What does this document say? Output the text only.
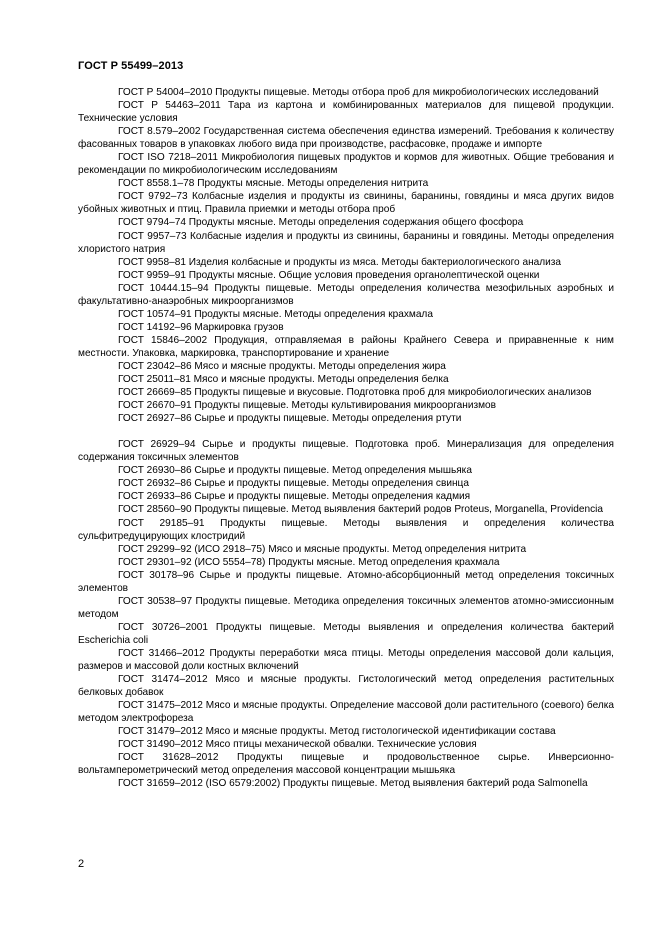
ГОСТ Р 55499–2013

ГОСТ Р 54004–2010 Продукты пищевые. Методы отбора проб для микробиологических исследований

ГОСТ Р 54463–2011 Тара из картона и комбинированных материалов для пищевой продукции. Технические условия

ГОСТ 8.579–2002 Государственная система обеспечения единства измерений. Требования к количеству фасованных товаров в упаковках любого вида при производстве, расфасовке, продаже и импорте

ГОСТ ISO 7218–2011 Микробиология пищевых продуктов и кормов для животных. Общие требования и рекомендации по микробиологическим исследованиям

ГОСТ 8558.1–78 Продукты мясные. Методы определения нитрита

ГОСТ 9792–73 Колбасные изделия и продукты из свинины, баранины, говядины и мяса других видов убойных животных и птиц. Правила приемки и методы отбора проб

ГОСТ 9794–74 Продукты мясные. Методы определения содержания общего фосфора

ГОСТ 9957–73 Колбасные изделия и продукты из свинины, баранины и говядины. Методы определения хлористого натрия

ГОСТ 9958–81 Изделия колбасные и продукты из мяса. Методы бактериологического анализа

ГОСТ 9959–91 Продукты мясные. Общие условия проведения органолептической оценки

ГОСТ 10444.15–94 Продукты пищевые. Методы определения количества мезофильных аэробных и факультативно-анаэробных микроорганизмов

ГОСТ 10574–91 Продукты мясные. Методы определения крахмала

ГОСТ 14192–96 Маркировка грузов

ГОСТ 15846–2002 Продукция, отправляемая в районы Крайнего Севера и приравненные к ним местности. Упаковка, маркировка, транспортирование и хранение

ГОСТ 23042–86 Мясо и мясные продукты. Методы определения жира

ГОСТ 25011–81 Мясо и мясные продукты. Методы определения белка

ГОСТ 26669–85 Продукты пищевые и вкусовые. Подготовка проб для микробиологических анализов

ГОСТ 26670–91 Продукты пищевые. Методы культивирования микроорганизмов

ГОСТ 26927–86 Сырье и продукты пищевые. Методы определения ртути

ГОСТ 26929–94 Сырье и продукты пищевые. Подготовка проб. Минерализация для определения содержания токсичных элементов

ГОСТ 26930–86 Сырье и продукты пищевые. Метод определения мышьяка

ГОСТ 26932–86 Сырье и продукты пищевые. Методы определения свинца

ГОСТ 26933–86 Сырье и продукты пищевые. Методы определения кадмия

ГОСТ 28560–90 Продукты пищевые. Метод выявления бактерий родов Proteus, Morganella, Providencia

ГОСТ 29185–91 Продукты пищевые. Методы выявления и определения количества сульфитредуцирующих клостридий

ГОСТ 29299–92 (ИСО 2918–75) Мясо и мясные продукты. Метод определения нитрита

ГОСТ 29301–92 (ИСО 5554–78) Продукты мясные. Метод определения крахмала

ГОСТ 30178–96 Сырье и продукты пищевые. Атомно-абсорбционный метод определения токсичных элементов

ГОСТ 30538–97 Продукты пищевые. Методика определения токсичных элементов атомно-эмиссионным методом

ГОСТ 30726–2001 Продукты пищевые. Методы выявления и определения количества бактерий Escherichia coli

ГОСТ 31466–2012 Продукты переработки мяса птицы. Методы определения массовой доли кальция, размеров и массовой доли костных включений

ГОСТ 31474–2012 Мясо и мясные продукты. Гистологический метод определения растительных белковых добавок

ГОСТ 31475–2012 Мясо и мясные продукты. Определение массовой доли растительного (соевого) белка методом электрофореза

ГОСТ 31479–2012 Мясо и мясные продукты. Метод гистологической идентификации состава

ГОСТ 31490–2012 Мясо птицы механической обвалки. Технические условия

ГОСТ 31628–2012 Продукты пищевые и продовольственное сырье. Инверсионно-вольтамперометрический метод определения массовой концентрации мышьяка

ГОСТ 31659–2012 (ISO 6579:2002) Продукты пищевые. Метод выявления бактерий рода Salmonella

2
